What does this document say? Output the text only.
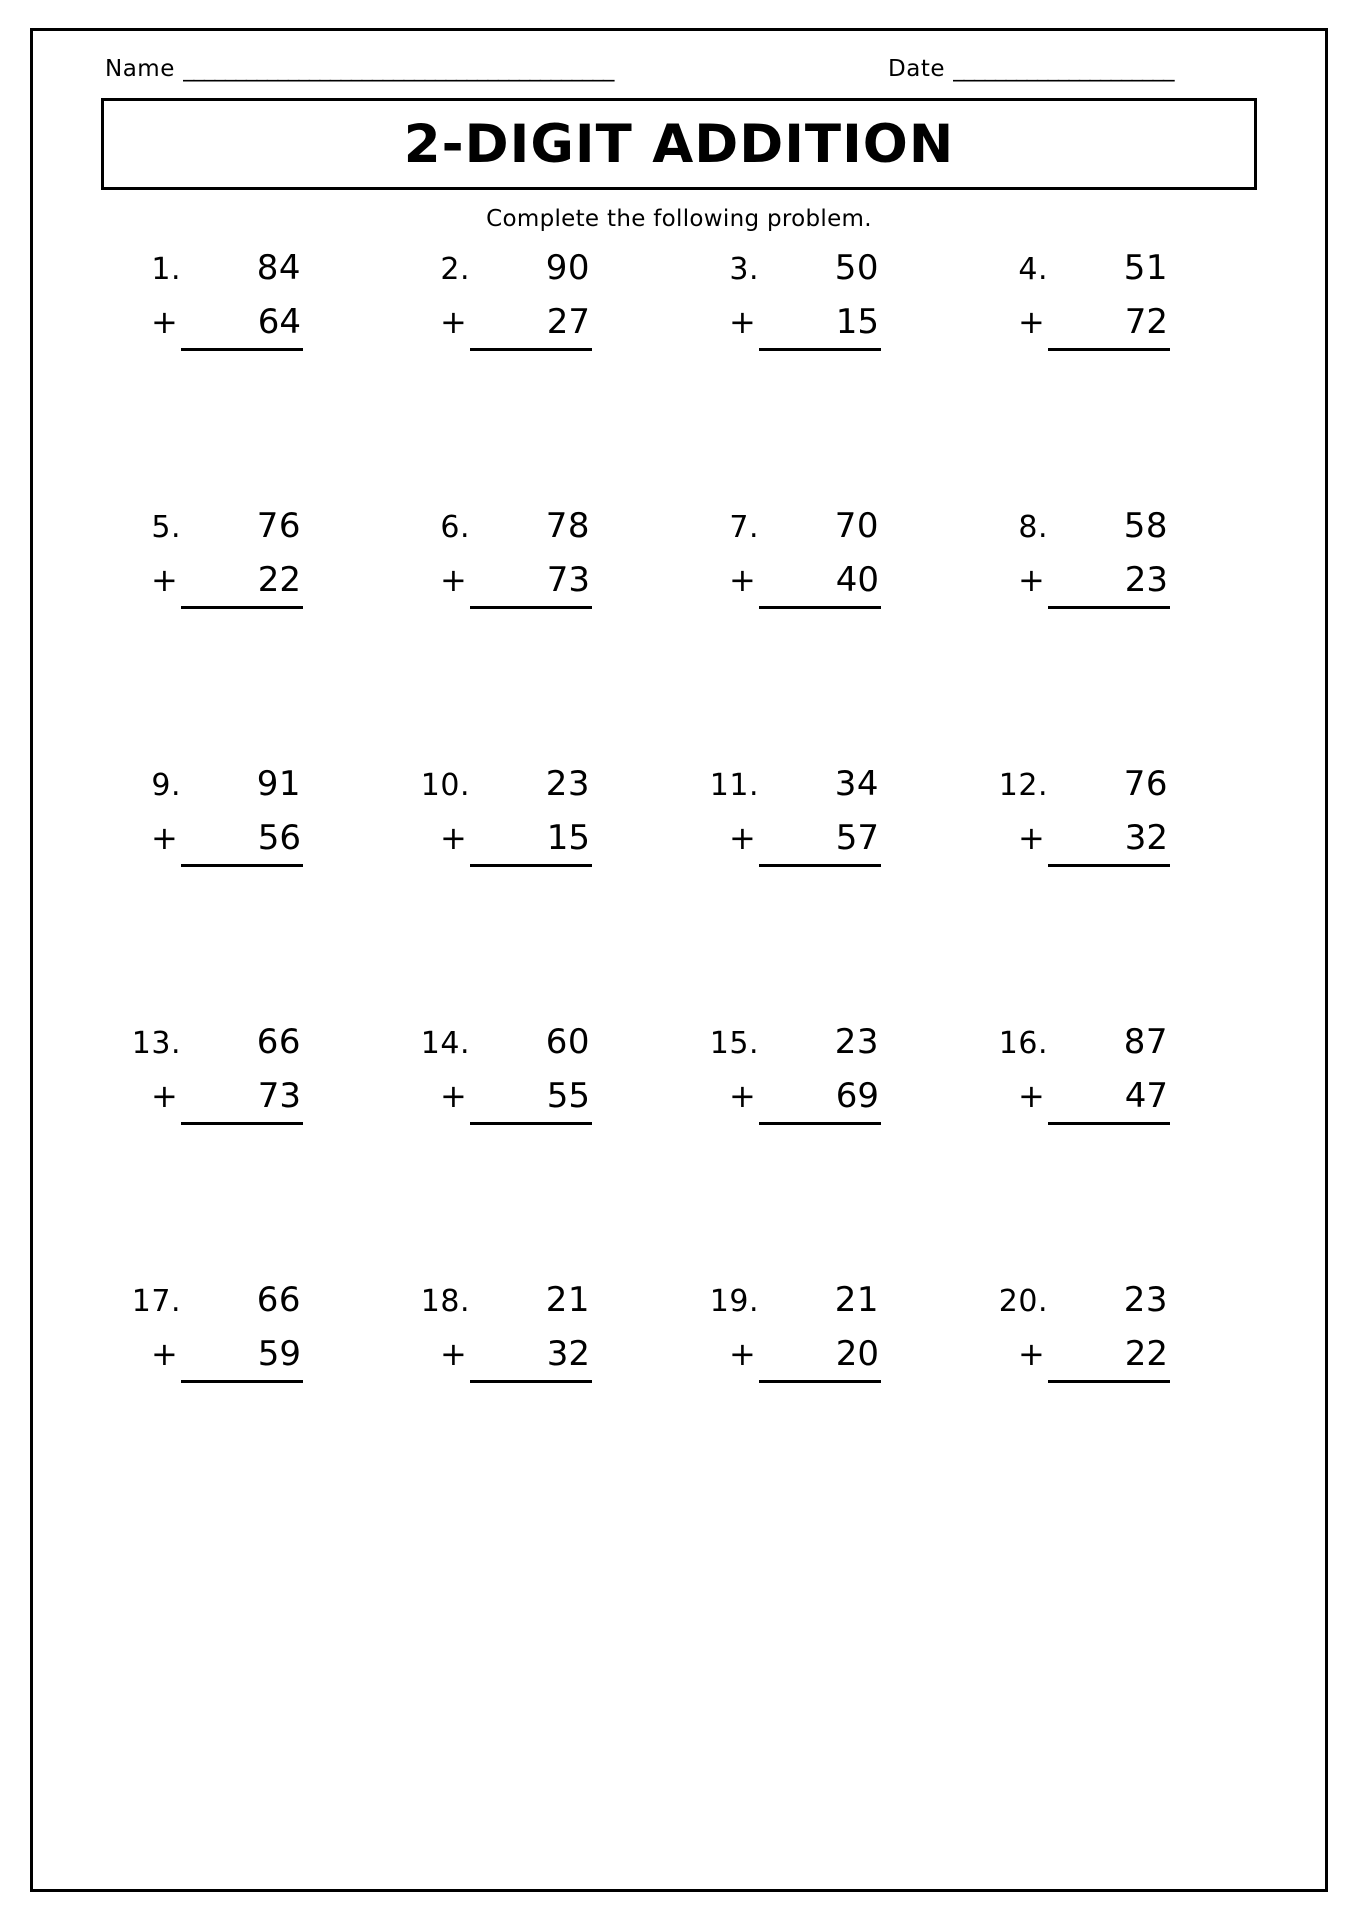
Name _________________________________________	Date _____________________
2-DIGIT ADDITION
Complete the following problem.
1.	84
+	64
2.	90
+	27
3.	50
+	15
4.	51
+	72
5.	76
+	22
6.	78
+	73
7.	70
+	40
8.	58
+	23
9.	91
+	56
10.	23
+	15
11.	34
+	57
12.	76
+	32
13.	66
+	73
14.	60
+	55
15.	23
+	69
16.	87
+	47
17.	66
+	59
18.	21
+	32
19.	21
+	20
20.	23
+	22
